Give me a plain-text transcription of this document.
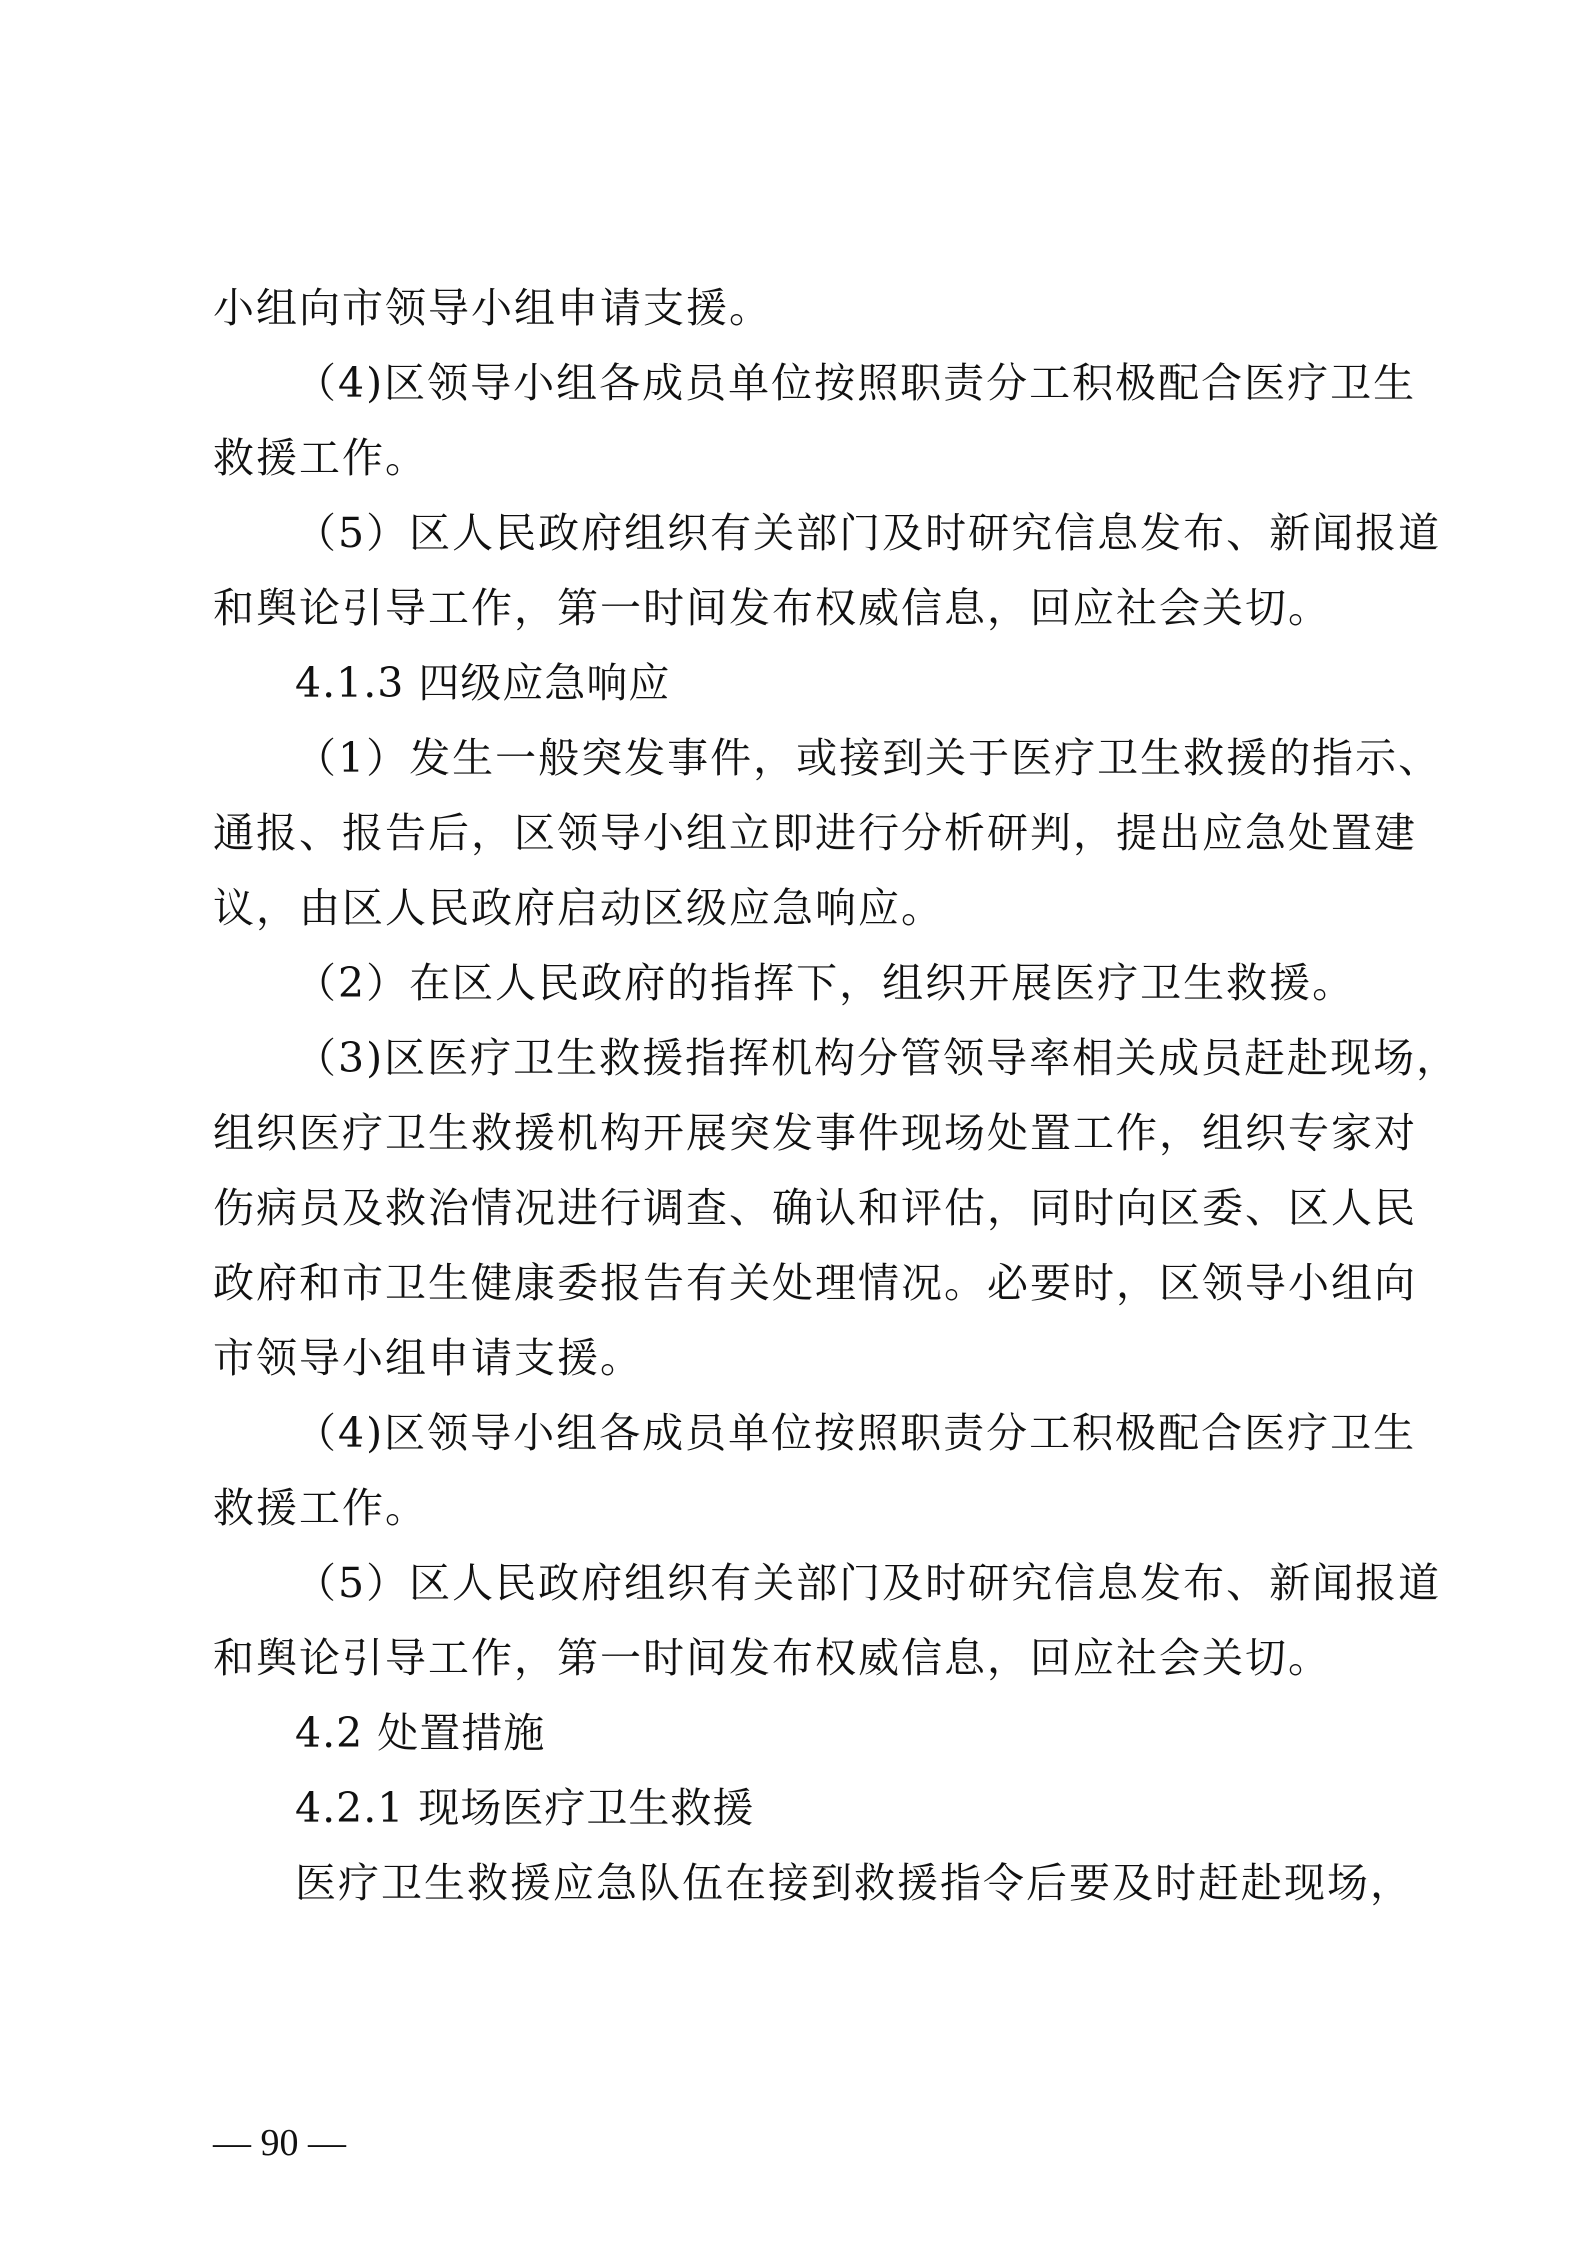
小组向市领导小组申请支援。
（4)区领导小组各成员单位按照职责分工积极配合医疗卫生
救援工作。
（5）区人民政府组织有关部门及时研究信息发布、新闻报道
和舆论引导工作，第一时间发布权威信息，回应社会关切。
4.1.3 四级应急响应
（1）发生一般突发事件，或接到关于医疗卫生救援的指示、
通报、报告后，区领导小组立即进行分析研判，提出应急处置建
议，由区人民政府启动区级应急响应。
（2）在区人民政府的指挥下，组织开展医疗卫生救援。
（3)区医疗卫生救援指挥机构分管领导率相关成员赶赴现场，
组织医疗卫生救援机构开展突发事件现场处置工作，组织专家对
伤病员及救治情况进行调查、确认和评估，同时向区委、区人民
政府和市卫生健康委报告有关处理情况。必要时，区领导小组向
市领导小组申请支援。
（4)区领导小组各成员单位按照职责分工积极配合医疗卫生
救援工作。
（5）区人民政府组织有关部门及时研究信息发布、新闻报道
和舆论引导工作，第一时间发布权威信息，回应社会关切。
4.2 处置措施
4.2.1 现场医疗卫生救援
医疗卫生救援应急队伍在接到救援指令后要及时赶赴现场，
— 90 —
